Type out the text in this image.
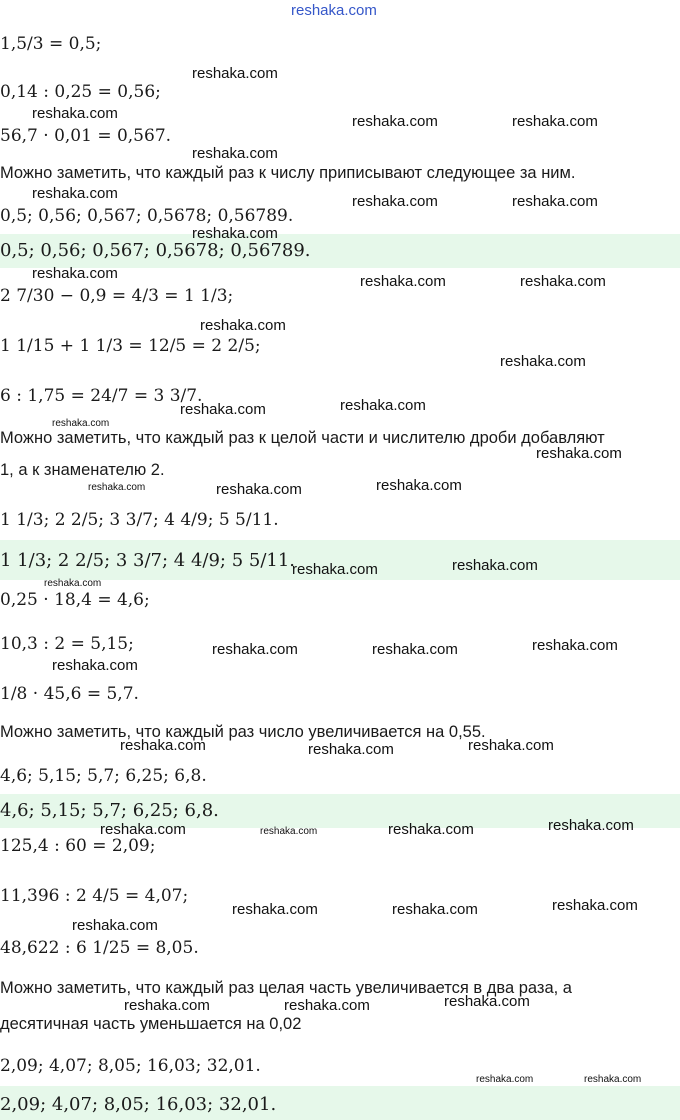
reshaka.com
1,5/3 = 0,5;
0,14 : 0,25 = 0,56;
56,7 · 0,01 = 0,567.
Можно заметить, что каждый раз к числу приписывают следующее за ним.
0,5; 0,56; 0,567; 0,5678; 0,56789.
0,5; 0,56; 0,567; 0,5678; 0,56789.
2 7/30 − 0,9 = 4/3 = 1 1/3;
1 1/15 + 1 1/3 = 12/5 = 2 2/5;
6 : 1,75 = 24/7 = 3 3/7.
Можно заметить, что каждый раз к целой части и числителю дроби добавляют
1, а к знаменателю 2.
1 1/3; 2 2/5; 3 3/7; 4 4/9; 5 5/11.
1 1/3; 2 2/5; 3 3/7; 4 4/9; 5 5/11.
0,25 · 18,4 = 4,6;
10,3 : 2 = 5,15;
1/8 · 45,6 = 5,7.
Можно заметить, что каждый раз число увеличивается на 0,55.
4,6; 5,15; 5,7; 6,25; 6,8.
4,6; 5,15; 5,7; 6,25; 6,8.
125,4 : 60 = 2,09;
11,396 : 2 4/5 = 4,07;
48,622 : 6 1/25 = 8,05.
Можно заметить, что каждый раз целая часть увеличивается в два раза, а
десятичная часть уменьшается на 0,02
2,09; 4,07; 8,05; 16,03; 32,01.
2,09; 4,07; 8,05; 16,03; 32,01.
reshaka.com
reshaka.com	reshaka.com	reshaka.com
reshaka.com
reshaka.com	reshaka.com	reshaka.com
reshaka.com
reshaka.com	reshaka.com	reshaka.com
reshaka.com
reshaka.com
reshaka.com	reshaka.com
reshaka.com
reshaka.com
reshaka.com	reshaka.com	reshaka.com
reshaka.com
reshaka.com	reshaka.com
reshaka.com	reshaka.com	reshaka.com
reshaka.com
reshaka.com	reshaka.com	reshaka.com
reshaka.com	reshaka.com	reshaka.com	reshaka.com
reshaka.com	reshaka.com	reshaka.com
reshaka.com
reshaka.com	reshaka.com	reshaka.com
reshaka.com	reshaka.com
